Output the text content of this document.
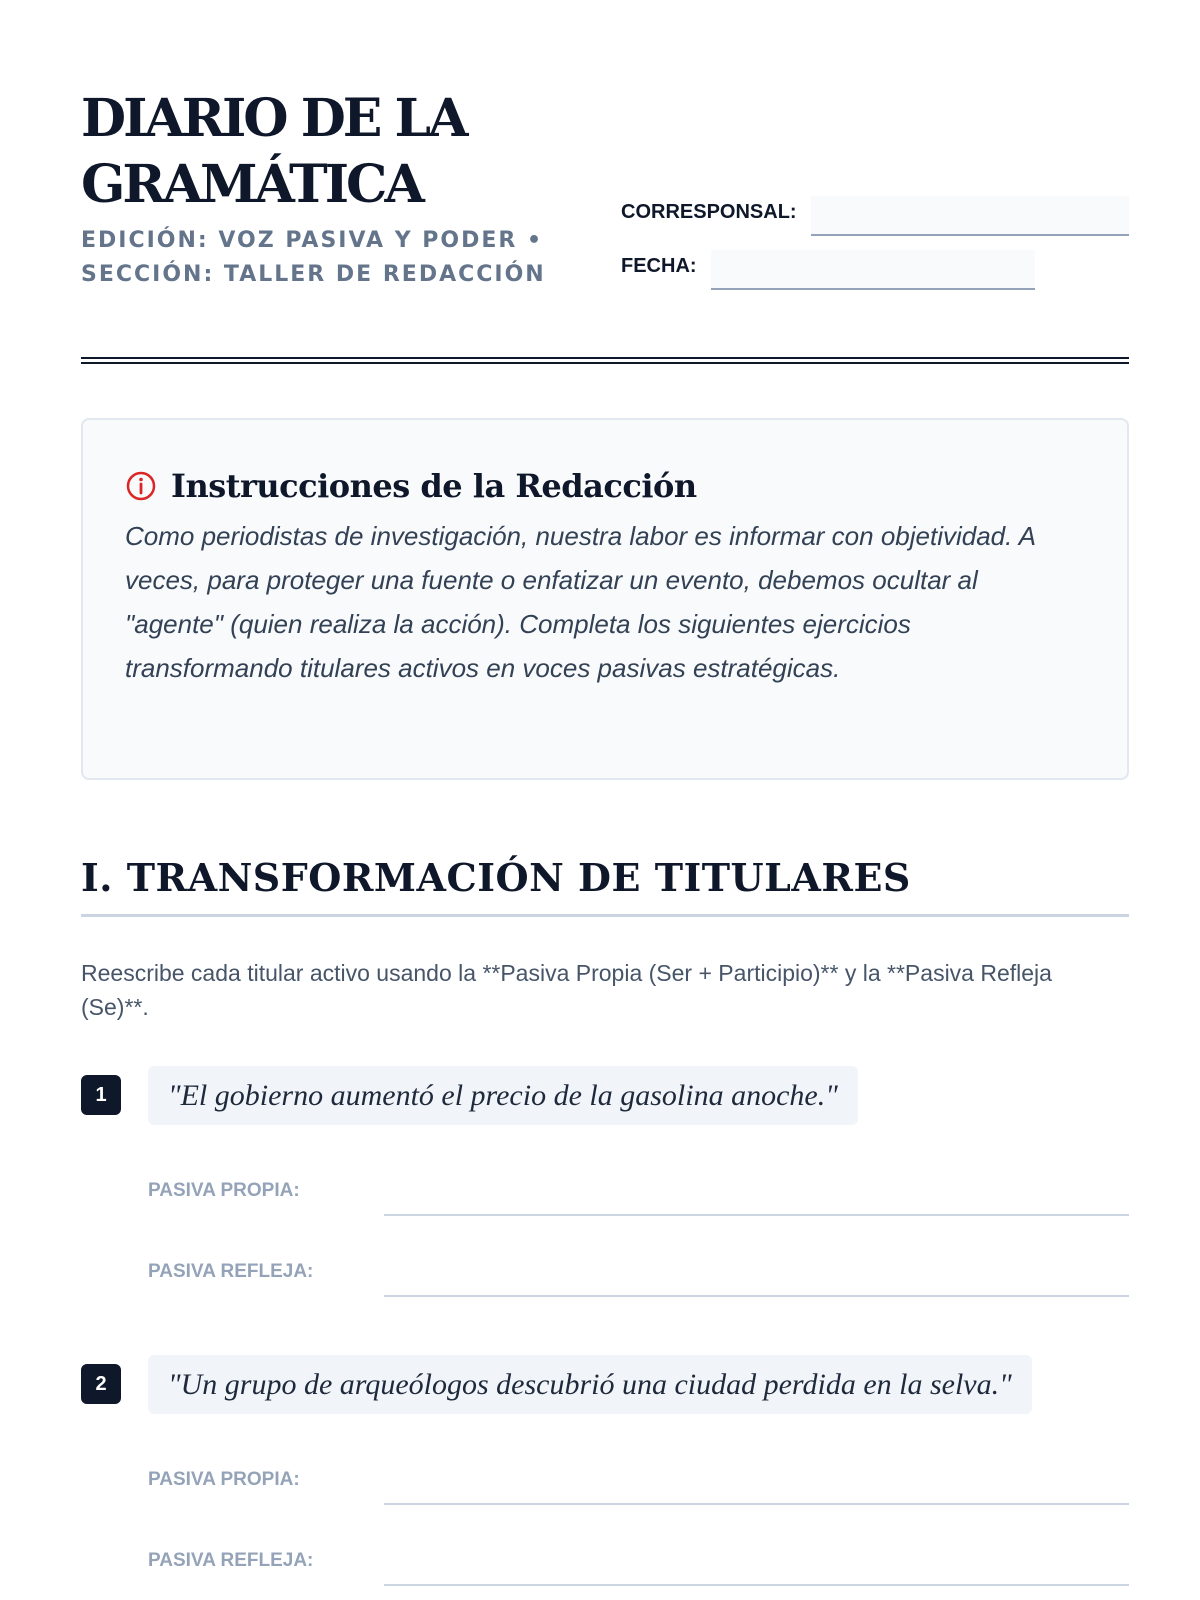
DIARIO DE LA
GRAMÁTICA
EDICIÓN: VOZ PASIVA Y PODER • SECCIÓN: TALLER DE REDACCIÓN
CORRESPONSAL:
FECHA:
Instrucciones de la Redacción
Como periodistas de investigación, nuestra labor es informar con objetividad. A veces, para proteger una fuente o enfatizar un evento, debemos ocultar al "agente" (quien realiza la acción). Completa los siguientes ejercicios transformando titulares activos en voces pasivas estratégicas.
I. TRANSFORMACIÓN DE TITULARES
Reescribe cada titular activo usando la **Pasiva Propia (Ser + Participio)** y la **Pasiva Refleja (Se)**.
1	"El gobierno aumentó el precio de la gasolina anoche."
PASIVA PROPIA:
PASIVA REFLEJA:
2	"Un grupo de arqueólogos descubrió una ciudad perdida en la selva."
PASIVA PROPIA:
PASIVA REFLEJA:
